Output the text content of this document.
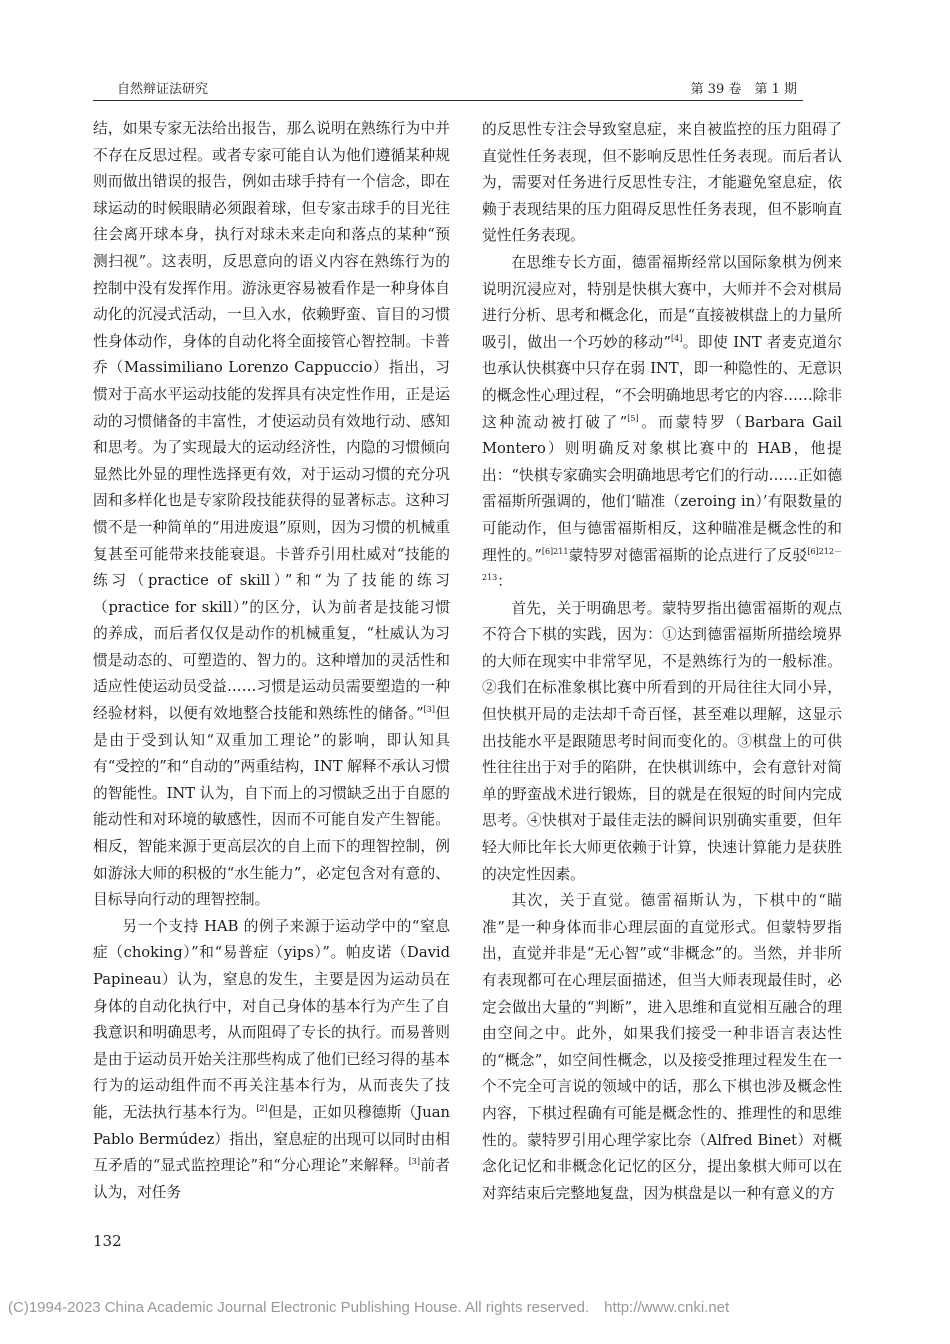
自然辩证法研究	第 39 卷　第 1 期

结，如果专家无法给出报告，那么说明在熟练行为中并不存在反思过程。或者专家可能自认为他们遵循某种规则而做出错误的报告，例如击球手持有一个信念，即在球运动的时候眼睛必须跟着球，但专家击球手的目光往往会离开球本身，执行对球未来走向和落点的某种“预测扫视”。这表明，反思意向的语义内容在熟练行为的控制中没有发挥作用。游泳更容易被看作是一种身体自动化的沉浸式活动，一旦入水，依赖野蛮、盲目的习惯性身体动作，身体的自动化将全面接管心智控制。卡普乔（Massimiliano Lorenzo Cappuccio）指出，习惯对于高水平运动技能的发挥具有决定性作用，正是运动的习惯储备的丰富性，才使运动员有效地行动、感知和思考。为了实现最大的运动经济性，内隐的习惯倾向显然比外显的理性选择更有效，对于运动习惯的充分巩固和多样化也是专家阶段技能获得的显著标志。这种习惯不是一种简单的“用进废退”原则，因为习惯的机械重复甚至可能带来技能衰退。卡普乔引用杜威对“技能的练习（practice of skill）”和“为了技能的练习（practice for skill）”的区分，认为前者是技能习惯的养成，而后者仅仅是动作的机械重复，“杜威认为习惯是动态的、可塑造的、智力的。这种增加的灵活性和适应性使运动员受益……习惯是运动员需要塑造的一种经验材料，以便有效地整合技能和熟练性的储备。”[3]但是由于受到认知“双重加工理论”的影响，即认知具有“受控的”和“自动的”两重结构，INT 解释不承认习惯的智能性。INT 认为，自下而上的习惯缺乏出于自愿的能动性和对环境的敏感性，因而不可能自发产生智能。相反，智能来源于更高层次的自上而下的理智控制，例如游泳大师的积极的“水生能力”，必定包含对有意的、目标导向行动的理智控制。

另一个支持 HAB 的例子来源于运动学中的“窒息症（choking）”和“易普症（yips）”。帕皮诺（David Papineau）认为，窒息的发生，主要是因为运动员在身体的自动化执行中，对自己身体的基本行为产生了自我意识和明确思考，从而阻碍了专长的执行。而易普则是由于运动员开始关注那些构成了他们已经习得的基本行为的运动组件而不再关注基本行为，从而丧失了技能，无法执行基本行为。[2]但是，正如贝穆德斯（Juan Pablo Bermúdez）指出，窒息症的出现可以同时由相互矛盾的“显式监控理论”和“分心理论”来解释。[3]前者认为，对任务

的反思性专注会导致窒息症，来自被监控的压力阻碍了直觉性任务表现，但不影响反思性任务表现。而后者认为，需要对任务进行反思性专注，才能避免窒息症，依赖于表现结果的压力阻碍反思性任务表现，但不影响直觉性任务表现。

在思维专长方面，德雷福斯经常以国际象棋为例来说明沉浸应对，特别是快棋大赛中，大师并不会对棋局进行分析、思考和概念化，而是“直接被棋盘上的力量所吸引，做出一个巧妙的移动”[4]。即使 INT 者麦克道尔也承认快棋赛中只存在弱 INT，即一种隐性的、无意识的概念性心理过程，“不会明确地思考它的内容……除非这种流动被打破了”[5]。而蒙特罗（Barbara Gail Montero）则明确反对象棋比赛中的 HAB，他提出：“快棋专家确实会明确地思考它们的行动……正如德雷福斯所强调的，他们‘瞄准（zeroing in）’有限数量的可能动作，但与德雷福斯相反，这种瞄准是概念性的和理性的。”$^{[6]211}$蒙特罗对德雷福斯的论点进行了反驳$^{[6]212-213}$：

首先，关于明确思考。蒙特罗指出德雷福斯的观点不符合下棋的实践，因为：①达到德雷福斯所描绘境界的大师在现实中非常罕见，不是熟练行为的一般标准。②我们在标准象棋比赛中所看到的开局往往大同小异，但快棋开局的走法却千奇百怪，甚至难以理解，这显示出技能水平是跟随思考时间而变化的。③棋盘上的可供性往往出于对手的陷阱，在快棋训练中，会有意针对简单的野蛮战术进行锻炼，目的就是在很短的时间内完成思考。④快棋对于最佳走法的瞬间识别确实重要，但年轻大师比年长大师更依赖于计算，快速计算能力是获胜的决定性因素。

其次，关于直觉。德雷福斯认为，下棋中的“瞄准”是一种身体而非心理层面的直觉形式。但蒙特罗指出，直觉并非是“无心智”或“非概念”的。当然，并非所有表现都可在心理层面描述，但当大师表现最佳时，必定会做出大量的“判断”，进入思维和直觉相互融合的理由空间之中。此外，如果我们接受一种非语言表达性的“概念”，如空间性概念，以及接受推理过程发生在一个不完全可言说的领域中的话，那么下棋也涉及概念性内容，下棋过程确有可能是概念性的、推理性的和思维性的。蒙特罗引用心理学家比奈（Alfred Binet）对概念化记忆和非概念化记忆的区分，提出象棋大师可以在对弈结束后完整地复盘，因为棋盘是以一种有意义的方

132
(C)1994-2023 China Academic Journal Electronic Publishing House. All rights reserved.　http://www.cnki.net
